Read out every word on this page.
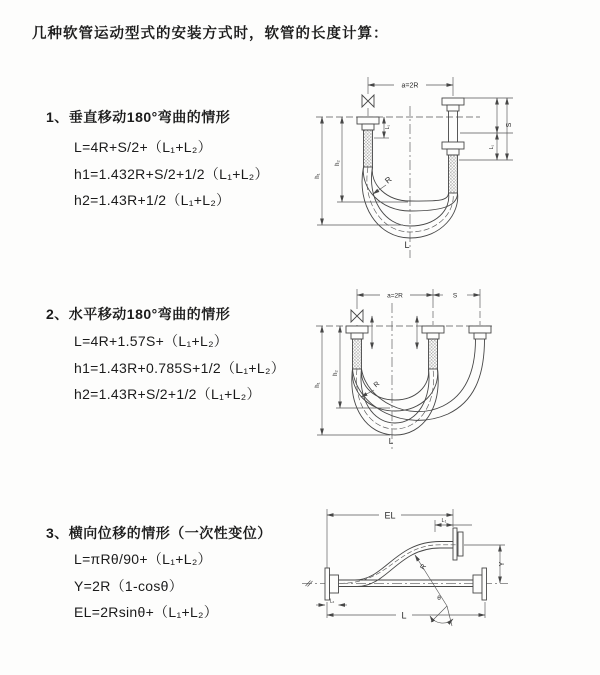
几种软管运动型式的安装方式时，软管的长度计算：
1、垂直移动180°弯曲的情形
L=4R+S/2+（L₁+L₂）
h1=1.432R+S/2+1/2（L₁+L₂）
h2=1.43R+1/2（L₁+L₂）
2、水平移动180°弯曲的情形
L=4R+1.57S+（L₁+L₂）
h1=1.43R+0.785S+1/2（L₁+L₂）
h2=1.43R+S/2+1/2（L₁+L₂）
3、横向位移的情形（一次性变位）
L=πRθ/90+（L₁+L₂）
Y=2R（1-cosθ）
EL=2Rsinθ+（L₁+L₂）
a=2R
h₁
h₂
L₁	S
L₁
R
L
a=2R	S
h₁
h₂
R
L
EL
L₁
Y
R
θ
L
L₂
